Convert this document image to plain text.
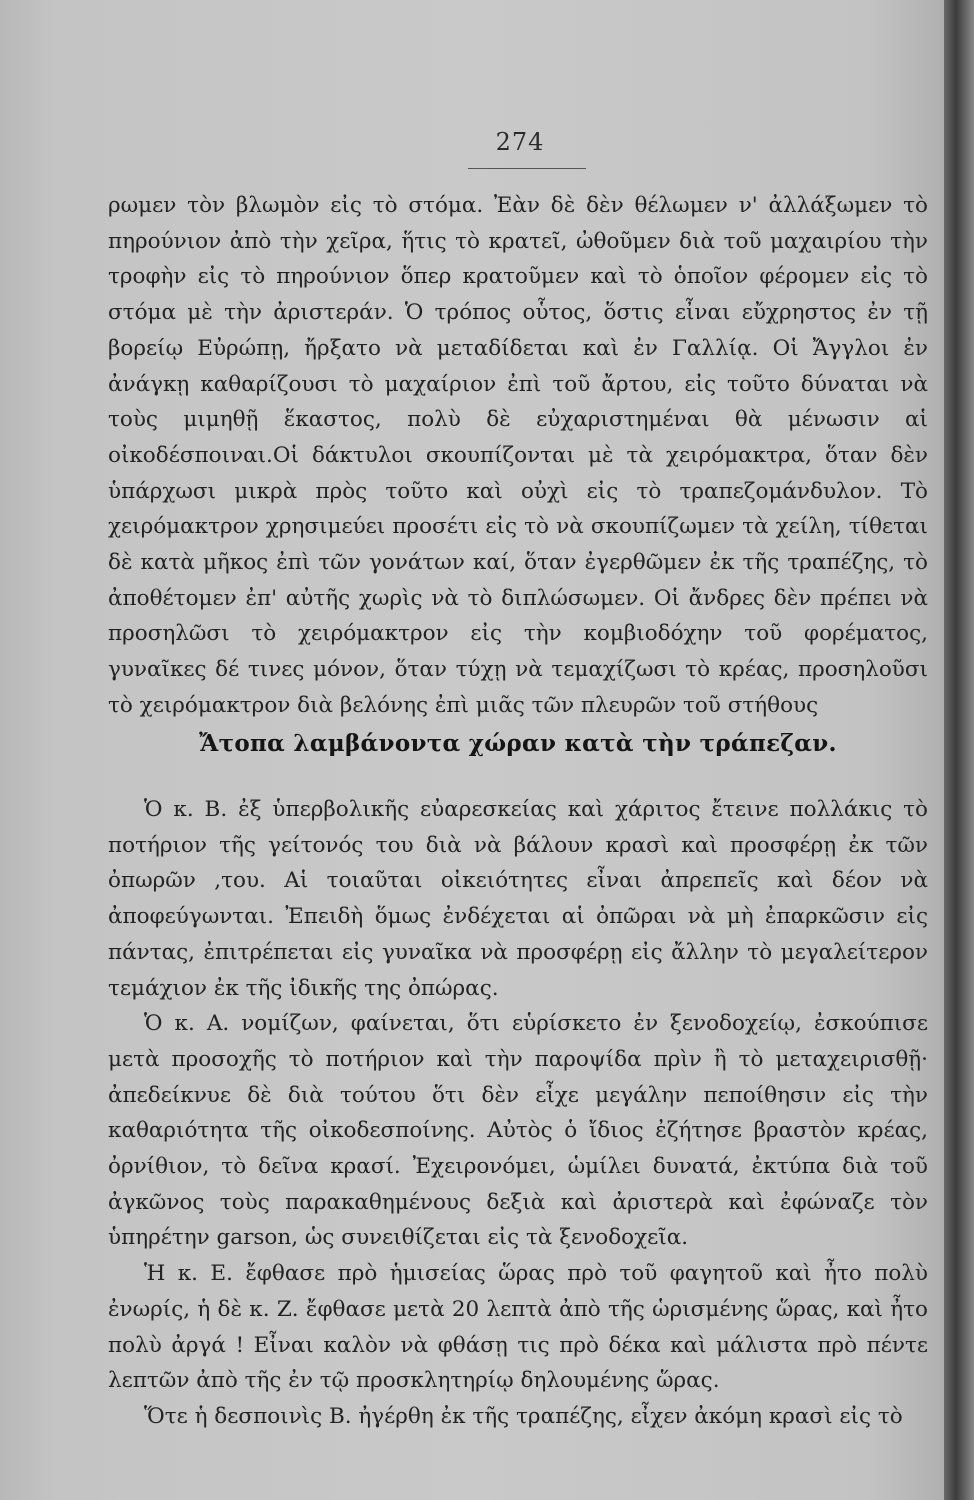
274

ρωμεν τὸν βλωμὸν εἰς τὸ στόμα. Ἐὰν δὲ δὲν θέλωμεν ν' ἀλλάξωμεν τὸ πηρούνιον ἀπὸ τὴν χεῖρα, ἥτις τὸ κρατεῖ, ὠθοῦμεν διὰ τοῦ μαχαιρίου τὴν τροφὴν εἰς τὸ πηρούνιον ὅπερ κρατοῦμεν καὶ τὸ ὁποῖον φέρομεν εἰς τὸ στόμα μὲ τὴν ἀριστεράν. Ὁ τρόπος οὗτος, ὅστις εἶναι εὔχρηστος ἐν τῇ βορείῳ Εὐρώπῃ, ἤρξατο νὰ μεταδίδεται καὶ ἐν Γαλλίᾳ. Οἱ Ἄγγλοι ἐν ἀνάγκῃ καθαρίζουσι τὸ μαχαίριον ἐπὶ τοῦ ἄρτου, εἰς τοῦτο δύναται νὰ τοὺς μιμηθῇ ἕκαστος, πολὺ δὲ εὐχαριστημέναι θὰ μένωσιν αἱ οἰκοδέσποιναι.Οἱ δάκτυλοι σκουπίζονται μὲ τὰ χειρόμακτρα, ὅταν δὲν ὑπάρχωσι μικρὰ πρὸς τοῦτο καὶ οὐχὶ εἰς τὸ τραπεζομάνδυλον. Τὸ χειρόμακτρον χρησιμεύει προσέτι εἰς τὸ νὰ σκουπίζωμεν τὰ χείλη, τίθεται δὲ κατὰ μῆκος ἐπὶ τῶν γονάτων καί, ὅταν ἐγερθῶμεν ἐκ τῆς τραπέζης, τὸ ἀποθέτομεν ἐπ' αὐτῆς χωρὶς νὰ τὸ διπλώσωμεν. Οἱ ἄνδρες δὲν πρέπει νὰ προσηλῶσι τὸ χειρόμακτρον εἰς τὴν κομβιοδόχην τοῦ φορέματος, γυναῖκες δέ τινες μόνον, ὅταν τύχῃ νὰ τεμαχίζωσι τὸ κρέας, προσηλοῦσι τὸ χειρόμακτρον διὰ βελόνης ἐπὶ μιᾶς τῶν πλευρῶν τοῦ στήθους

Ἄτοπα λαμβάνοντα χώραν κατὰ τὴν τράπεζαν.

Ὁ κ. Β. ἐξ ὑπερβολικῆς εὐαρεσκείας καὶ χάριτος ἔτεινε πολλάκις τὸ ποτήριον τῆς γείτονός του διὰ νὰ βάλουν κρασὶ καὶ προσφέρῃ ἐκ τῶν ὀπωρῶν ,του. Αἱ τοιαῦται οἰκειότητες εἶναι ἀπρεπεῖς καὶ δέον νὰ ἀποφεύγωνται. Ἐπειδὴ ὅμως ἐνδέχεται αἱ ὀπῶραι νὰ μὴ ἐπαρκῶσιν εἰς πάντας, ἐπιτρέπεται εἰς γυναῖκα νὰ προσφέρῃ εἰς ἄλλην τὸ μεγαλείτερον τεμάχιον ἐκ τῆς ἰδικῆς της ὀπώρας.

Ὁ κ. Α. νομίζων, φαίνεται, ὅτι εὑρίσκετο ἐν ξενοδοχείῳ, ἐσκούπισε μετὰ προσοχῆς τὸ ποτήριον καὶ τὴν παροψίδα πρὶν ἢ τὸ μεταχειρισθῇ· ἀπεδείκνυε δὲ διὰ τούτου ὅτι δὲν εἶχε μεγάλην πεποίθησιν εἰς τὴν καθαριότητα τῆς οἰκοδεσποίνης. Αὐτὸς ὁ ἴδιος ἐζήτησε βραστὸν κρέας, ὀρνίθιον, τὸ δεῖνα κρασί. Ἐχειρονόμει, ὡμίλει δυνατά, ἐκτύπα διὰ τοῦ ἀγκῶνος τοὺς παρακαθημένους δεξιὰ καὶ ἀριστερὰ καὶ ἐφώναζε τὸν ὑπηρέτην garson, ὡς συνειθίζεται εἰς τὰ ξενοδοχεῖα.

Ἡ κ. Ε. ἔφθασε πρὸ ἡμισείας ὥρας πρὸ τοῦ φαγητοῦ καὶ ἦτο πολὺ ἐνωρίς, ἡ δὲ κ. Ζ. ἔφθασε μετὰ 20 λεπτὰ ἀπὸ τῆς ὡρισμένης ὥρας, καὶ ἦτο πολὺ ἀργά ! Εἶναι καλὸν νὰ φθάσῃ τις πρὸ δέκα καὶ μάλιστα πρὸ πέντε λεπτῶν ἀπὸ τῆς ἐν τῷ προσκλητηρίῳ δηλουμένης ὥρας.

Ὅτε ἡ δεσποινὶς Β. ἠγέρθη ἐκ τῆς τραπέζης, εἶχεν ἀκόμη κρασὶ εἰς τὸ
